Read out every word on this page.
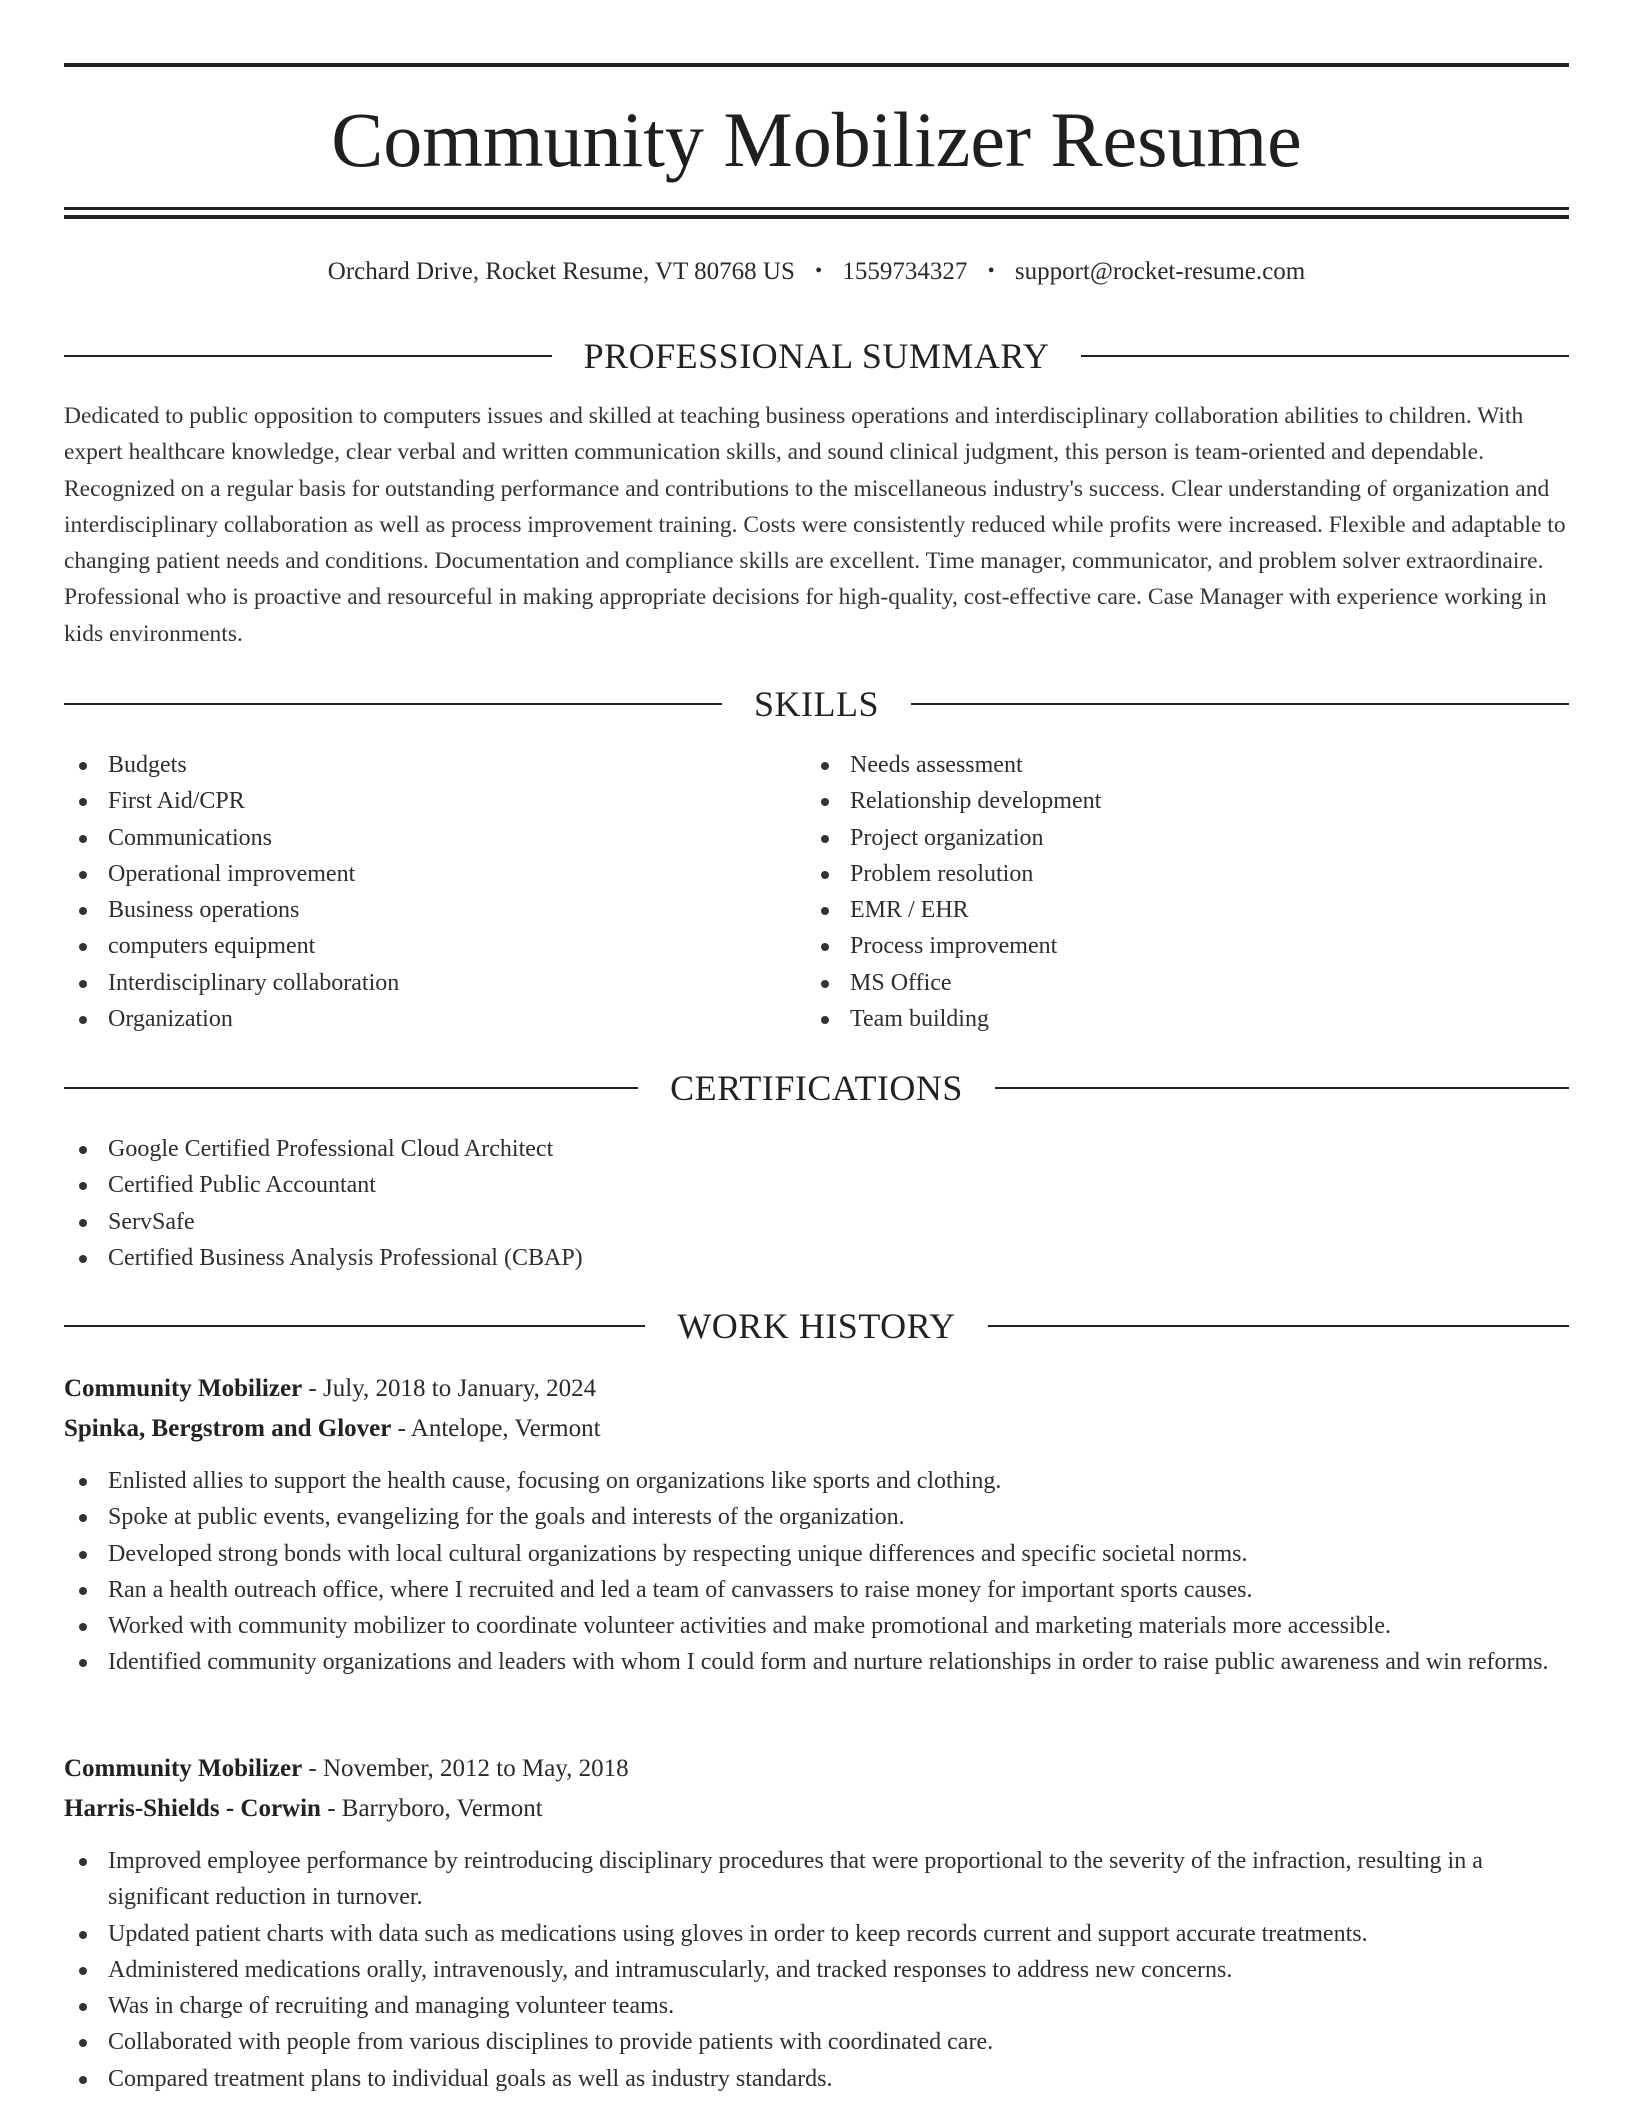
Community Mobilizer Resume
Orchard Drive, Rocket Resume, VT 80768 US • 1559734327 • support@rocket-resume.com
PROFESSIONAL SUMMARY

Dedicated to public opposition to computers issues and skilled at teaching business operations and interdisciplinary collaboration abilities to children. With expert healthcare knowledge, clear verbal and written communication skills, and sound clinical judgment, this person is team-oriented and dependable. Recognized on a regular basis for outstanding performance and contributions to the miscellaneous industry's success. Clear understanding of organization and interdisciplinary collaboration as well as process improvement training. Costs were consistently reduced while profits were increased. Flexible and adaptable to changing patient needs and conditions. Documentation and compliance skills are excellent. Time manager, communicator, and problem solver extraordinaire. Professional who is proactive and resourceful in making appropriate decisions for high-quality, cost-effective care. Case Manager with experience working in kids environments.

SKILLS
Budgets
First Aid/CPR
Communications
Operational improvement
Business operations
computers equipment
Interdisciplinary collaboration
Organization
Needs assessment
Relationship development
Project organization
Problem resolution
EMR / EHR
Process improvement
MS Office
Team building
CERTIFICATIONS
Google Certified Professional Cloud Architect
Certified Public Accountant
ServSafe
Certified Business Analysis Professional (CBAP)
WORK HISTORY
Community Mobilizer - July, 2018 to January, 2024
Spinka, Bergstrom and Glover - Antelope, Vermont
Enlisted allies to support the health cause, focusing on organizations like sports and clothing.
Spoke at public events, evangelizing for the goals and interests of the organization.
Developed strong bonds with local cultural organizations by respecting unique differences and specific societal norms.
Ran a health outreach office, where I recruited and led a team of canvassers to raise money for important sports causes.
Worked with community mobilizer to coordinate volunteer activities and make promotional and marketing materials more accessible.
Identified community organizations and leaders with whom I could form and nurture relationships in order to raise public awareness and win reforms.
Community Mobilizer - November, 2012 to May, 2018
Harris-Shields - Corwin - Barryboro, Vermont
Improved employee performance by reintroducing disciplinary procedures that were proportional to the severity of the infraction, resulting in a significant reduction in turnover.
Updated patient charts with data such as medications using gloves in order to keep records current and support accurate treatments.
Administered medications orally, intravenously, and intramuscularly, and tracked responses to address new concerns.
Was in charge of recruiting and managing volunteer teams.
Collaborated with people from various disciplines to provide patients with coordinated care.
Compared treatment plans to individual goals as well as industry standards.
